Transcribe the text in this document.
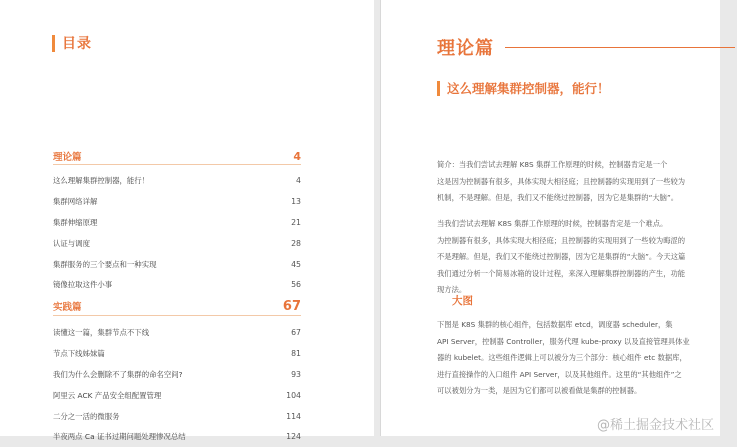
目录
理论篇	4
这么理解集群控制器，能行！	4
集群网络详解	13
集群伸缩原理	21
认证与调度	28
集群服务的三个要点和一种实现	45
镜像拉取这件小事	56
实践篇	67
读懂这一篇，集群节点不下线	67
节点下线姊妹篇	81
我们为什么会删除不了集群的命名空间?	93
阿里云 ACK 产品安全组配置管理	104
二分之一活的微服务	114
半夜两点 Ca 证书过期问题处理惨况总结	124
理论篇
这么理解集群控制器，能行！
简介：当我们尝试去理解 K8S 集群工作原理的时候，控制器肯定是一个
这是因为控制器有很多，具体实现大相径庭；且控制器的实现用到了一些较为
机制，不是理解。但是，我们又不能绕过控制器，因为它是集群的“大脑”。
当我们尝试去理解 K8S 集群工作原理的时候，控制器肯定是一个难点。
为控制器有很多，具体实现大相径庭；且控制器的实现用到了一些较为晦涩的
不是理解。但是，我们又不能绕过控制器，因为它是集群的“大脑”。今天这篇
我们通过分析一个简易冰箱的设计过程，来深入理解集群控制器的产生，功能
现方法。
大图
下图是 K8S 集群的核心组件，包括数据库 etcd，调度器 scheduler，集
API Server，控制器 Controller，服务代理 kube-proxy 以及直接管理具体业
器的 kubelet。这些组件逻辑上可以被分为三个部分：核心组件 etc 数据库，
进行直接操作的入口组件 API Server，以及其他组件。这里的“其他组件”之
可以被划分为一类，是因为它们都可以被看做是集群的控制器。
@稀土掘金技术社区
